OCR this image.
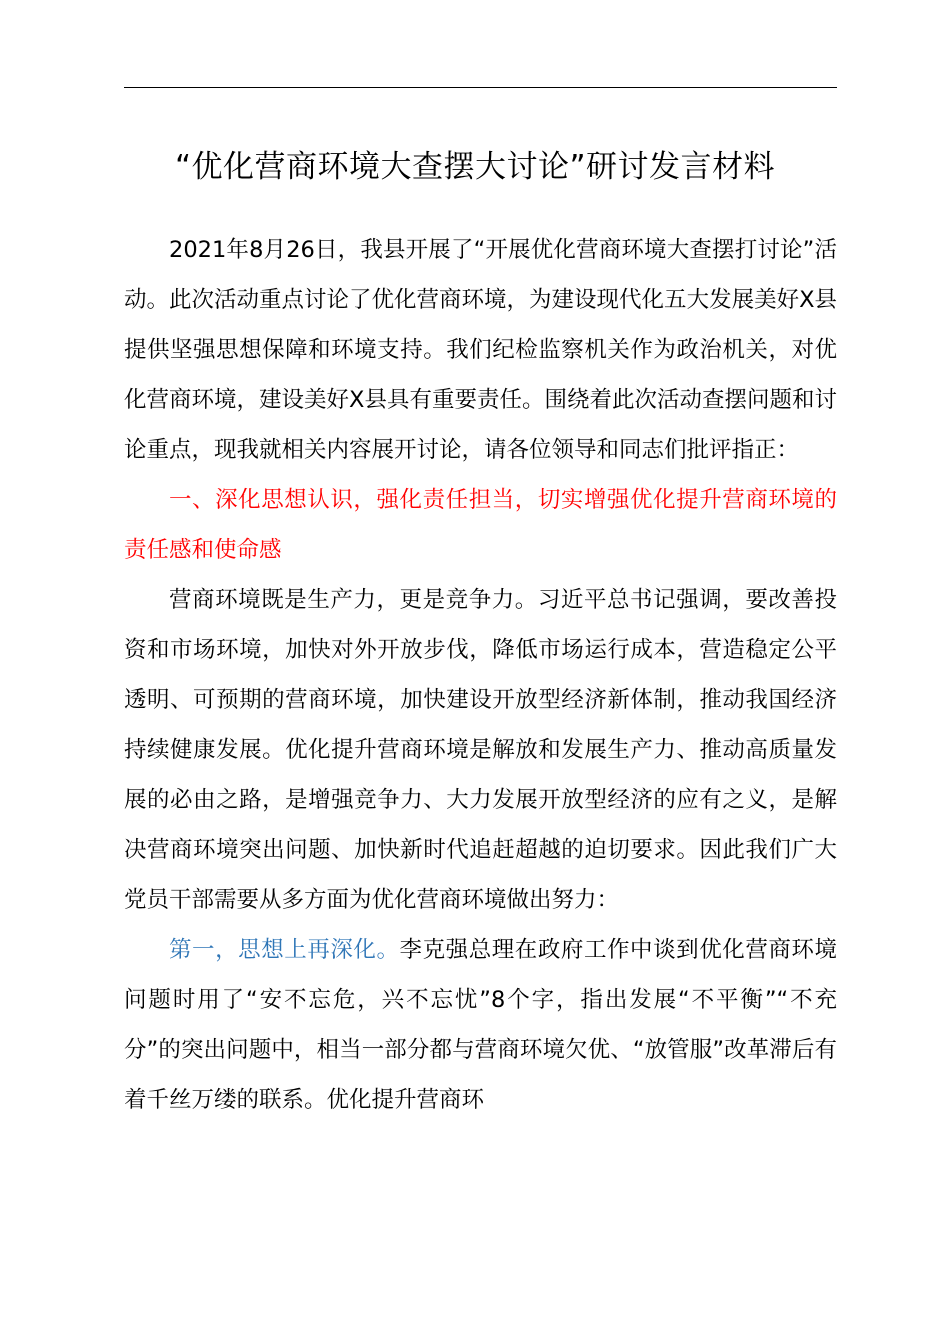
“优化营商环境大查摆大讨论”研讨发言材料

2021年8月26日，我县开展了“开展优化营商环境大查摆打讨论”活动。此次活动重点讨论了优化营商环境，为建设现代化五大发展美好X县提供坚强思想保障和环境支持。我们纪检监察机关作为政治机关，对优化营商环境，建设美好X县具有重要责任。围绕着此次活动查摆问题和讨论重点，现我就相关内容展开讨论，请各位领导和同志们批评指正：

一、深化思想认识，强化责任担当，切实增强优化提升营商环境的责任感和使命感

营商环境既是生产力，更是竞争力。习近平总书记强调，要改善投资和市场环境，加快对外开放步伐，降低市场运行成本，营造稳定公平透明、可预期的营商环境，加快建设开放型经济新体制，推动我国经济持续健康发展。优化提升营商环境是解放和发展生产力、推动高质量发展的必由之路，是增强竞争力、大力发展开放型经济的应有之义，是解决营商环境突出问题、加快新时代追赶超越的迫切要求。因此我们广大党员干部需要从多方面为优化营商环境做出努力：

第一，思想上再深化。李克强总理在政府工作中谈到优化营商环境问题时用了“安不忘危，兴不忘忧”8个字，指出发展“不平衡”“不充分”的突出问题中，相当一部分都与营商环境欠优、“放管服”改革滞后有着千丝万缕的联系。优化提升营商环
